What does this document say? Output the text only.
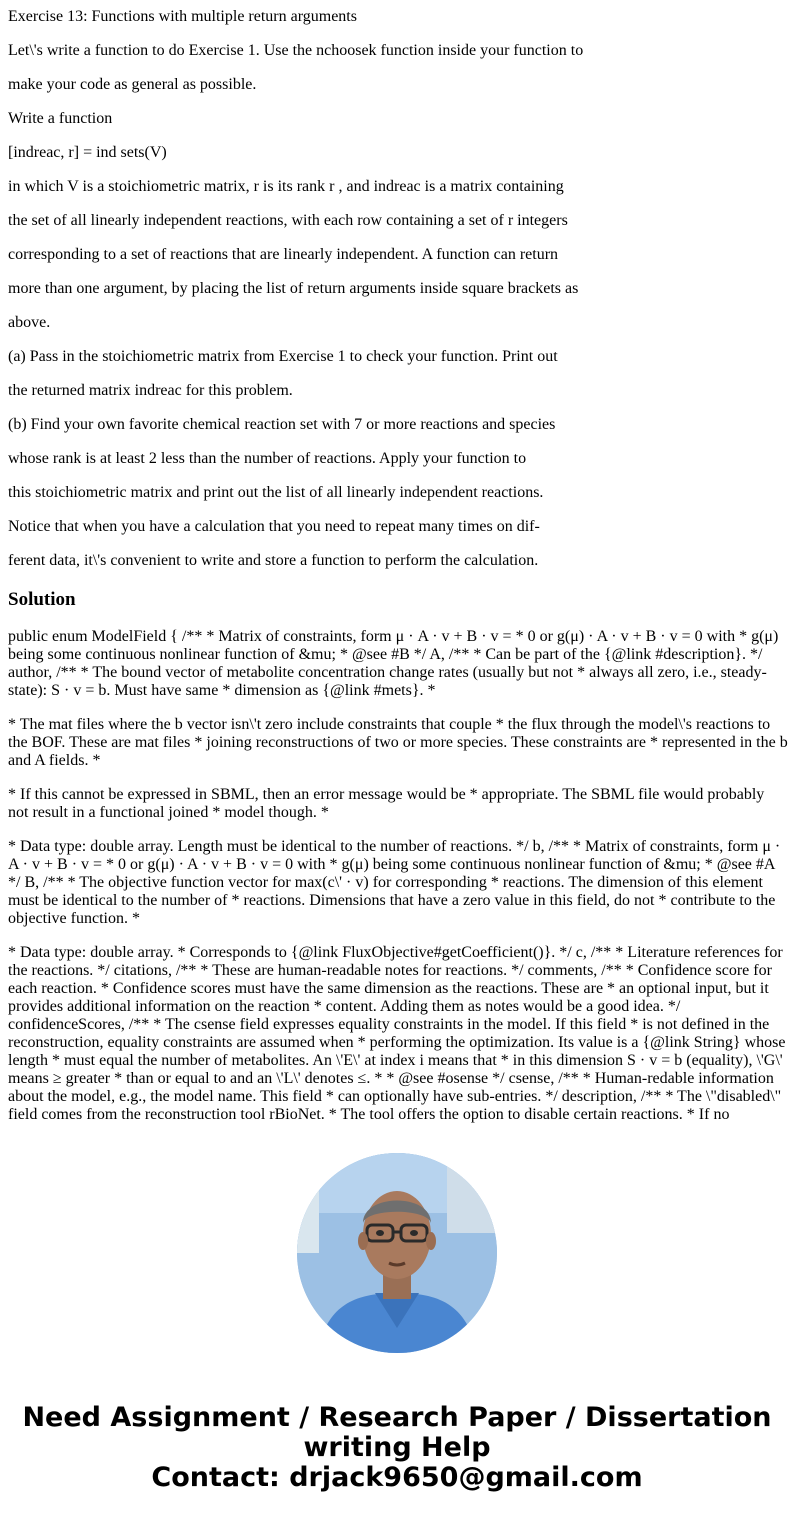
Exercise 13: Functions with multiple return arguments

Let\'s write a function to do Exercise 1. Use the nchoosek function inside your function to

make your code as general as possible.

Write a function

[indreac, r] = ind sets(V)

in which V is a stoichiometric matrix, r is its rank r , and indreac is a matrix containing

the set of all linearly independent reactions, with each row containing a set of r integers

corresponding to a set of reactions that are linearly independent. A function can return

more than one argument, by placing the list of return arguments inside square brackets as

above.

(a) Pass in the stoichiometric matrix from Exercise 1 to check your function. Print out

the returned matrix indreac for this problem.

(b) Find your own favorite chemical reaction set with 7 or more reactions and species

whose rank is at least 2 less than the number of reactions. Apply your function to

this stoichiometric matrix and print out the list of all linearly independent reactions.

Notice that when you have a calculation that you need to repeat many times on dif-

ferent data, it\'s convenient to write and store a function to perform the calculation.

Solution

public enum ModelField { /** * Matrix of constraints, form μ · A · v + B · v = * 0 or g(μ) · A · v + B · v = 0 with * g(μ) being some continuous nonlinear function of &mu; * @see #B */ A, /** * Can be part of the {@link #description}. */ author, /** * The bound vector of metabolite concentration change rates (usually but not * always all zero, i.e., steady-state): S · v = b. Must have same * dimension as {@link #mets}. *

* The mat files where the b vector isn\'t zero include constraints that couple * the flux through the model\'s reactions to the BOF. These are mat files * joining reconstructions of two or more species. These constraints are * represented in the b and A fields. *

* If this cannot be expressed in SBML, then an error message would be * appropriate. The SBML file would probably not result in a functional joined * model though. *

* Data type: double array. Length must be identical to the number of reactions. */ b, /** * Matrix of constraints, form μ · A · v + B · v = * 0 or g(μ) · A · v + B · v = 0 with * g(μ) being some continuous nonlinear function of &mu; * @see #A */ B, /** * The objective function vector for max(c\' · v) for corresponding * reactions. The dimension of this element must be identical to the number of * reactions. Dimensions that have a zero value in this field, do not * contribute to the objective function. *

* Data type: double array. * Corresponds to {@link FluxObjective#getCoefficient()}. */ c, /** * Literature references for the reactions. */ citations, /** * These are human-readable notes for reactions. */ comments, /** * Confidence score for each reaction. * Confidence scores must have the same dimension as the reactions. These are * an optional input, but it provides additional information on the reaction * content. Adding them as notes would be a good idea. */ confidenceScores, /** * The csense field expresses equality constraints in the model. If this field * is not defined in the reconstruction, equality constraints are assumed when * performing the optimization. Its value is a {@link String} whose length * must equal the number of metabolites. An \'E\' at index i means that * in this dimension S · v = b (equality), \'G\' means ≥ greater * than or equal to and an \'L\' denotes ≤. * * @see #osense */ csense, /** * Human-redable information about the model, e.g., the model name. This field * can optionally have sub-entries. */ description, /** * The \"disabled\" field comes from the reconstruction tool rBioNet. * The tool offers the option to disable certain reactions. * If no

Need Assignment / Research Paper / Dissertation
writing Help
Contact: drjack9650@gmail.com
